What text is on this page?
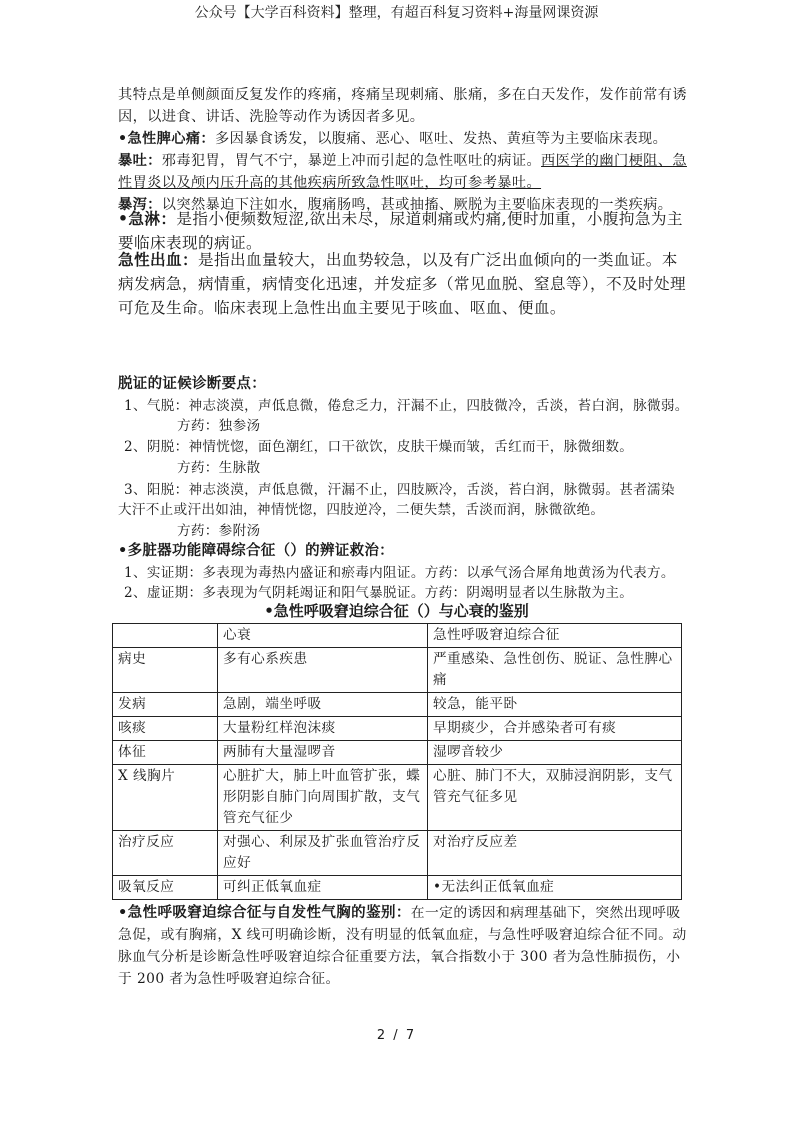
公众号【大学百科资料】整理，有超百科复习资料+海量网课资源
其特点是单侧颜面反复发作的疼痛，疼痛呈现刺痛、胀痛，多在白天发作，发作前常有诱因，以进食、讲话、洗脸等动作为诱因者多见。
•急性脾心痛：多因暴食诱发，以腹痛、恶心、呕吐、发热、黄疸等为主要临床表现。
暴吐：邪毒犯胃，胃气不宁，暴逆上冲而引起的急性呕吐的病证。西医学的幽门梗阻、急性胃炎以及颅内压升高的其他疾病所致急性呕吐，均可参考暴吐。
暴泻：以突然暴迫下注如水，腹痛肠鸣，甚或抽搐、厥脱为主要临床表现的一类疾病。
•急淋：是指小便频数短涩,欲出未尽，尿道刺痛或灼痛,便时加重，小腹拘急为主要临床表现的病证。
急性出血：是指出血量较大，出血势较急，以及有广泛出血倾向的一类血证。本病发病急，病情重，病情变化迅速，并发症多（常见血脱、窒息等），不及时处理可危及生命。临床表现上急性出血主要见于咳血、呕血、便血。
脱证的证候诊断要点：
1、气脱：神志淡漠，声低息微，倦怠乏力，汗漏不止，四肢微冷，舌淡，苔白润，脉微弱。
方药：独参汤
2、阴脱：神情恍惚，面色潮红，口干欲饮，皮肤干燥而皱，舌红而干，脉微细数。
方药：生脉散
3、阳脱：神志淡漠，声低息微，汗漏不止，四肢厥冷，舌淡，苔白润，脉微弱。甚者濡染
大汗不止或汗出如油，神情恍惚，四肢逆冷，二便失禁，舌淡而润，脉微欲绝。
方药：参附汤
•多脏器功能障碍综合征（）的辨证救治：
1、实证期：多表现为毒热内盛证和瘀毒内阻证。方药：以承气汤合犀角地黄汤为代表方。
2、虚证期：多表现为气阴耗竭证和阳气暴脱证。方药：阴竭明显者以生脉散为主。
•急性呼吸窘迫综合征（）与心衰的鉴别
	心衰	急性呼吸窘迫综合征
病史	多有心系疾患	严重感染、急性创伤、脱证、急性脾心痛
发病	急剧，端坐呼吸	较急，能平卧
咳痰	大量粉红样泡沫痰	早期痰少，合并感染者可有痰
体征	两肺有大量湿啰音	湿啰音较少
X 线胸片	心脏扩大，肺上叶血管扩张，蝶形阴影自肺门向周围扩散，支气管充气征少	心脏、肺门不大，双肺浸润阴影，支气管充气征多见
治疗反应	对强心、利尿及扩张血管治疗反应好	对治疗反应差
吸氧反应	可纠正低氧血症	•无法纠正低氧血症
•急性呼吸窘迫综合征与自发性气胸的鉴别：在一定的诱因和病理基础下，突然出现呼吸急促，或有胸痛，X 线可明确诊断，没有明显的低氧血症，与急性呼吸窘迫综合征不同。动脉血气分析是诊断急性呼吸窘迫综合征重要方法，氧合指数小于 300 者为急性肺损伤，小于 200 者为急性呼吸窘迫综合征。
2 / 7
